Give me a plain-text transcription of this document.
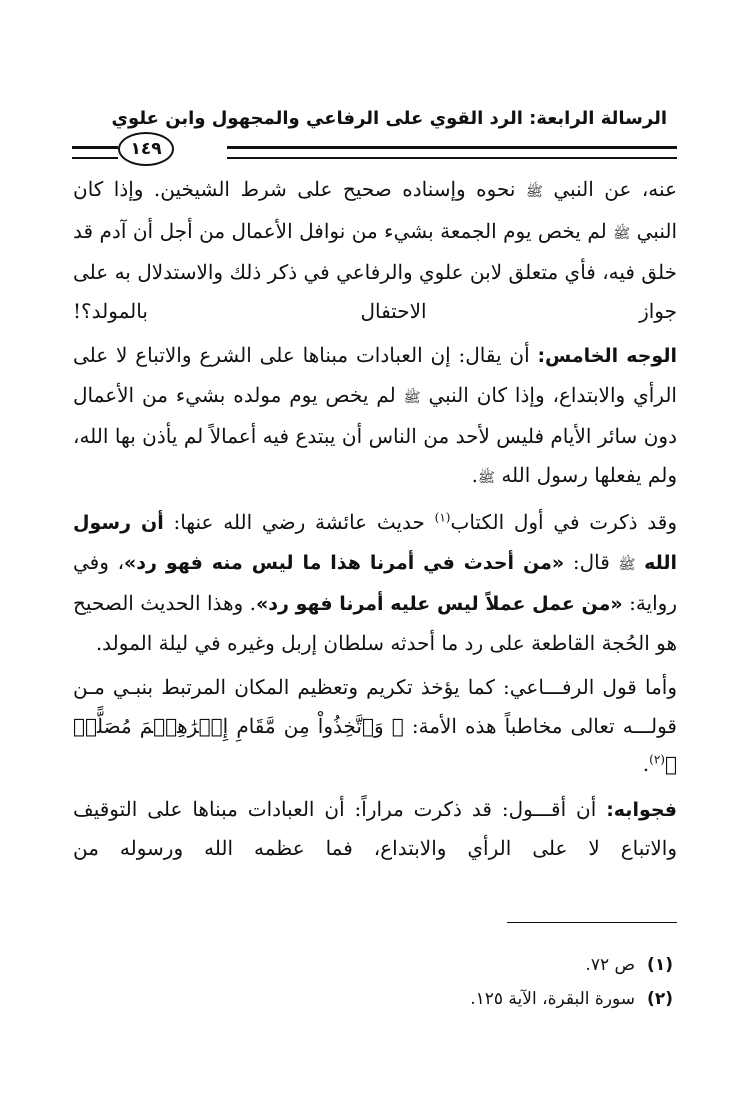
الرسالة الرابعة: الرد القوي على الرفاعي والمجهول وابن علوي
١٤٩

عنه، عن النبي ﷺ نحوه وإسناده صحيح على شرط الشيخين. وإذا كان النبي ﷺ لم يخص يوم الجمعة بشيء من نوافل الأعمال من أجل أن آدم قد خلق فيه، فأي متعلق لابن علوي والرفاعي في ذكر ذلك والاستدلال به على جواز الاحتفال بالمولد؟!

الوجه الخامس: أن يقال: إن العبادات مبناها على الشرع والاتباع لا على الرأي والابتداع، وإذا كان النبي ﷺ لم يخص يوم مولده بشيء من الأعمال دون سائر الأيام فليس لأحد من الناس أن يبتدع فيه أعمالاً لم يأذن بها الله، ولم يفعلها رسول الله ﷺ.

وقد ذكرت في أول الكتاب$^{(١)}$ حديث عائشة رضي الله عنها: أن رسول الله ﷺ قال: «من أحدث في أمرنا هذا ما ليس منه فهو رد»، وفي رواية: «من عمل عملاً ليس عليه أمرنا فهو رد». وهذا الحديث الصحيح هو الحُجة القاطعة على رد ما أحدثه سلطان إربل وغيره في ليلة المولد.

وأما قول الرفـــاعي: كما يؤخذ تكريم وتعظيم المكان المرتبط بنبـي مـن قولـــه تعالى مخاطباً هذه الأمة: ﴿ وَٱتَّخِذُواْ مِن مَّقَامِ إِبۡرَٰهِـۧمَ مُصَلًّىۖ ﴾$^{(٢)}$.

فجوابه: أن أقـــول: قد ذكرت مراراً: أن العبادات مبناها على التوقيف والاتباع لا على الرأي والابتداع، فما عظمه الله ورسوله من

(١)ص ٧٢.

(٢)سورة البقرة، الآية ١٢٥.
